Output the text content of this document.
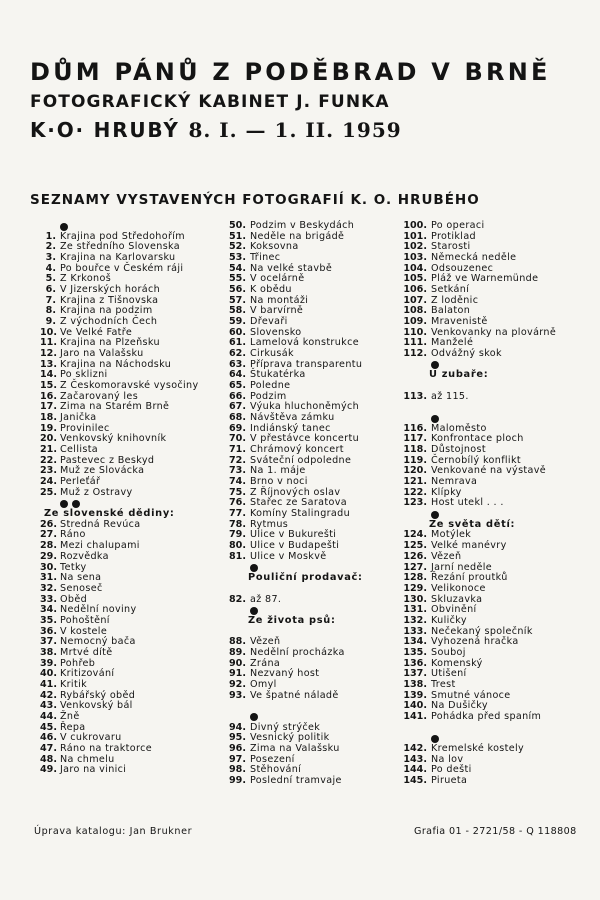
DŮM PÁNŮ Z PODĚBRAD V BRNĚ
FOTOGRAFICKÝ KABINET J. FUNKA
K·O· HRUBÝ 8. I. — 1. II. 1959
SEZNAMY VYSTAVENÝCH FOTOGRAFIÍ K. O. HRUBÉHO
1. Krajina pod Středohořím
2. Ze středního Slovenska
3. Krajina na Karlovarsku
4. Po bouřce v Českém ráji
5. Z Krkonoš
6. V Jizerských horách
7. Krajina z Tišnovska
8. Krajina na podzim
9. Z východních Čech
10. Ve Velké Fatře
11. Krajina na Plzeňsku
12. Jaro na Valašsku
13. Krajina na Náchodsku
14. Po sklizni
15. Z Českomoravské vysočiny
16. Začarovaný les
17. Zima na Starém Brně
18. Janička
19. Provinilec
20. Venkovský knihovník
21. Cellista
22. Pastevec z Beskyd
23. Muž ze Slovácka
24. Perleťář
25. Muž z Ostravy
Ze slovenské dědiny:
26. Stredná Revúca
27. Ráno
28. Mezi chalupami
29. Rozvědka
30. Tetky
31. Na sena
32. Senoseč
33. Oběd
34. Nedělní noviny
35. Pohoštění
36. V kostele
37. Nemocný bača
38. Mrtvé dítě
39. Pohřeb
40. Kritizování
41. Kritik
42. Rybářský oběd
43. Venkovský bál
44. Žně
45. Řepa
46. V cukrovaru
47. Ráno na traktorce
48. Na chmelu
49. Jaro na vinici
50. Podzim v Beskydách
51. Neděle na brigádě
52. Koksovna
53. Třinec
54. Na velké stavbě
55. V ocelárně
56. K obědu
57. Na montáži
58. V barvírně
59. Dřevaři
60. Slovensko
61. Lamelová konstrukce
62. Cirkusák
63. Příprava transparentu
64. Štukatérka
65. Poledne
66. Podzim
67. Výuka hluchoněmých
68. Návštěva zámku
69. Indiánský tanec
70. V přestávce koncertu
71. Chrámový koncert
72. Sváteční odpoledne
73. Na 1. máje
74. Brno v noci
75. Z Říjnových oslav
76. Stařec ze Saratova
77. Komíny Stalingradu
78. Rytmus
79. Ulice v Bukurešti
80. Ulice v Budapešti
81. Ulice v Moskvě
Pouliční prodavač:
82. až 87.
Ze života psů:
88. Vězeň
89. Nedělní procházka
90. Zrána
91. Nezvaný host
92. Omyl
93. Ve špatné náladě
94. Divný strýček
95. Vesnický politik
96. Zima na Valašsku
97. Posezení
98. Stěhování
99. Poslední tramvaje
100. Po operaci
101. Protiklad
102. Starosti
103. Německá neděle
104. Odsouzenec
105. Pláž ve Warnemünde
106. Setkání
107. Z loděnic
108. Balaton
109. Mravenistě
110. Venkovanky na plovárně
111. Manželé
112. Odvážný skok
U zubaře:
113. až 115.
116. Maloměsto
117. Konfrontace ploch
118. Důstojnost
119. Černobílý konflikt
120. Venkované na výstavě
121. Nemrava
122. Klípky
123. Host utekl . . .
Ze světa dětí:
124. Motýlek
125. Velké manévry
126. Vězeň
127. Jarní neděle
128. Řezání proutků
129. Velikonoce
130. Skluzavka
131. Obvinění
132. Kuličky
133. Nečekaný společník
134. Vyhozená hračka
135. Souboj
136. Komenský
137. Utišení
138. Trest
139. Smutné vánoce
140. Na Dušičky
141. Pohádka před spaním
142. Kremelské kostely
143. Na lov
144. Po dešti
145. Pirueta
Úprava katalogu: Jan Brukner	Grafia 01 - 2721/58 - Q 118808
